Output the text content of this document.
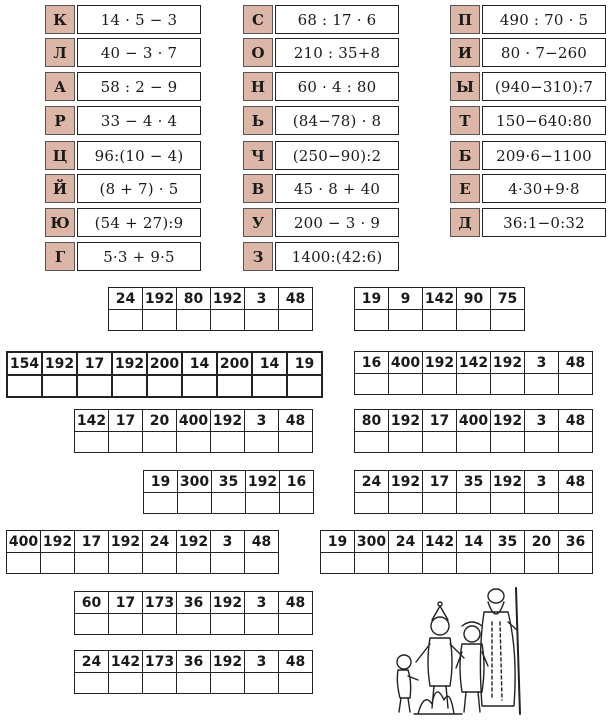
К	14 · 5 − 3
Л	40 − 3 · 7
А	58 : 2 − 9
Р	33 − 4 · 4
Ц	96:(10 − 4)
Й	(8 + 7) · 5
Ю	(54 + 27):9
Г	5·3 + 9·5
С	68 : 17 · 6
О	210 : 35+8
Н	60 · 4 : 80
Ь	(84−78) · 8
Ч	(250−90):2
В	45 · 8 + 40
У	200 − 3 · 9
З	1400:(42:6)
П	490 : 70 · 5
И	80 · 7−260
Ы	(940−310):7
Т	150−640:80
Б	209·6−1100
Е	4·30+9·8
Д	36:1−0:32
24	192	80	192	3	48
						19	9	142	90	75

154	192	17	192	200	14	200	14	19
									16	400	192	142	192	3	48

142	17	20	400	192	3	48
							80	192	17	400	192	3	48

19	300	35	192	16
					24	192	17	35	192	3	48

400	192	17	192	24	192	3	48
								19	300	24	142	14	35	20	36

60	17	173	36	192	3	48

24	142	173	36	192	3	48
